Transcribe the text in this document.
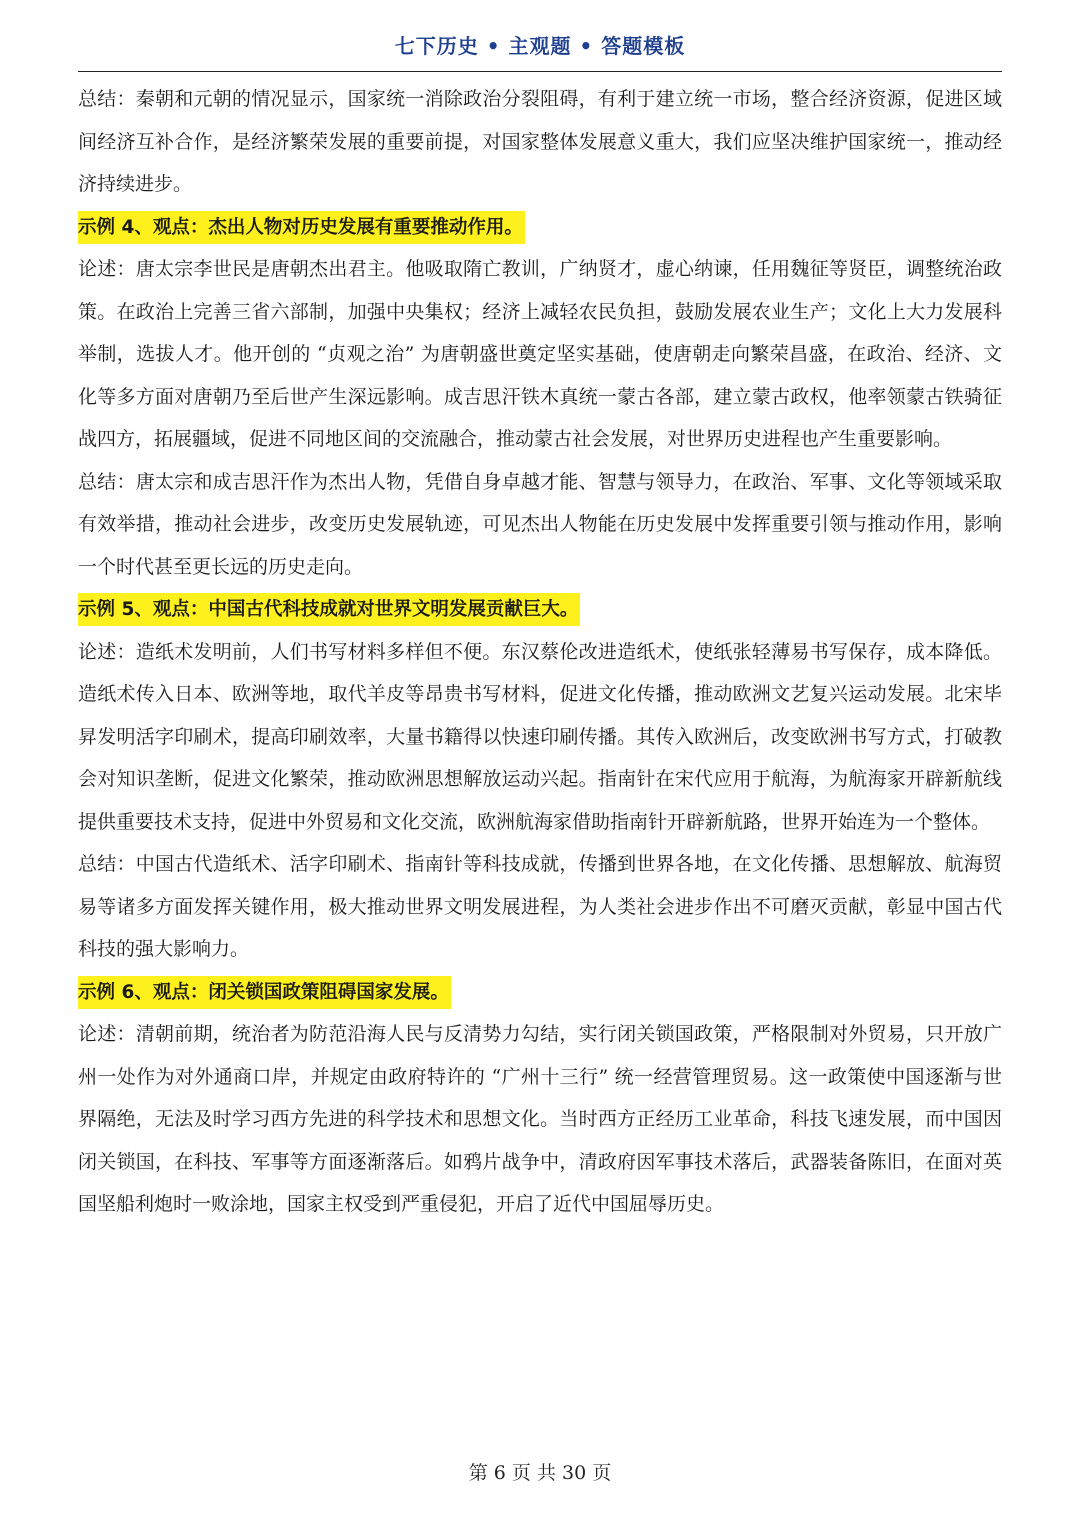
七下历史 • 主观题 • 答题模板

总结：秦朝和元朝的情况显示，国家统一消除政治分裂阻碍，有利于建立统一市场，整合经济资源，促进区域间经济互补合作，是经济繁荣发展的重要前提，对国家整体发展意义重大，我们应坚决维护国家统一，推动经济持续进步。

示例 4、观点：杰出人物对历史发展有重要推动作用。

论述：唐太宗李世民是唐朝杰出君主。他吸取隋亡教训，广纳贤才，虚心纳谏，任用魏征等贤臣，调整统治政策。在政治上完善三省六部制，加强中央集权；经济上减轻农民负担，鼓励发展农业生产；文化上大力发展科举制，选拔人才。他开创的 “贞观之治” 为唐朝盛世奠定坚实基础，使唐朝走向繁荣昌盛，在政治、经济、文化等多方面对唐朝乃至后世产生深远影响。成吉思汗铁木真统一蒙古各部，建立蒙古政权，他率领蒙古铁骑征战四方，拓展疆域，促进不同地区间的交流融合，推动蒙古社会发展，对世界历史进程也产生重要影响。

总结：唐太宗和成吉思汗作为杰出人物，凭借自身卓越才能、智慧与领导力，在政治、军事、文化等领域采取有效举措，推动社会进步，改变历史发展轨迹，可见杰出人物能在历史发展中发挥重要引领与推动作用，影响一个时代甚至更长远的历史走向。

示例 5、观点：中国古代科技成就对世界文明发展贡献巨大。

论述：造纸术发明前，人们书写材料多样但不便。东汉蔡伦改进造纸术，使纸张轻薄易书写保存，成本降低。造纸术传入日本、欧洲等地，取代羊皮等昂贵书写材料，促进文化传播，推动欧洲文艺复兴运动发展。北宋毕昇发明活字印刷术，提高印刷效率，大量书籍得以快速印刷传播。其传入欧洲后，改变欧洲书写方式，打破教会对知识垄断，促进文化繁荣，推动欧洲思想解放运动兴起。指南针在宋代应用于航海，为航海家开辟新航线提供重要技术支持，促进中外贸易和文化交流，欧洲航海家借助指南针开辟新航路，世界开始连为一个整体。

总结：中国古代造纸术、活字印刷术、指南针等科技成就，传播到世界各地，在文化传播、思想解放、航海贸易等诸多方面发挥关键作用，极大推动世界文明发展进程，为人类社会进步作出不可磨灭贡献，彰显中国古代科技的强大影响力。

示例 6、观点：闭关锁国政策阻碍国家发展。

论述：清朝前期，统治者为防范沿海人民与反清势力勾结，实行闭关锁国政策，严格限制对外贸易，只开放广州一处作为对外通商口岸，并规定由政府特许的 “广州十三行” 统一经营管理贸易。这一政策使中国逐渐与世界隔绝，无法及时学习西方先进的科学技术和思想文化。当时西方正经历工业革命，科技飞速发展，而中国因闭关锁国，在科技、军事等方面逐渐落后。如鸦片战争中，清政府因军事技术落后，武器装备陈旧，在面对英国坚船利炮时一败涂地，国家主权受到严重侵犯，开启了近代中国屈辱历史。

第 6 页 共 30 页
